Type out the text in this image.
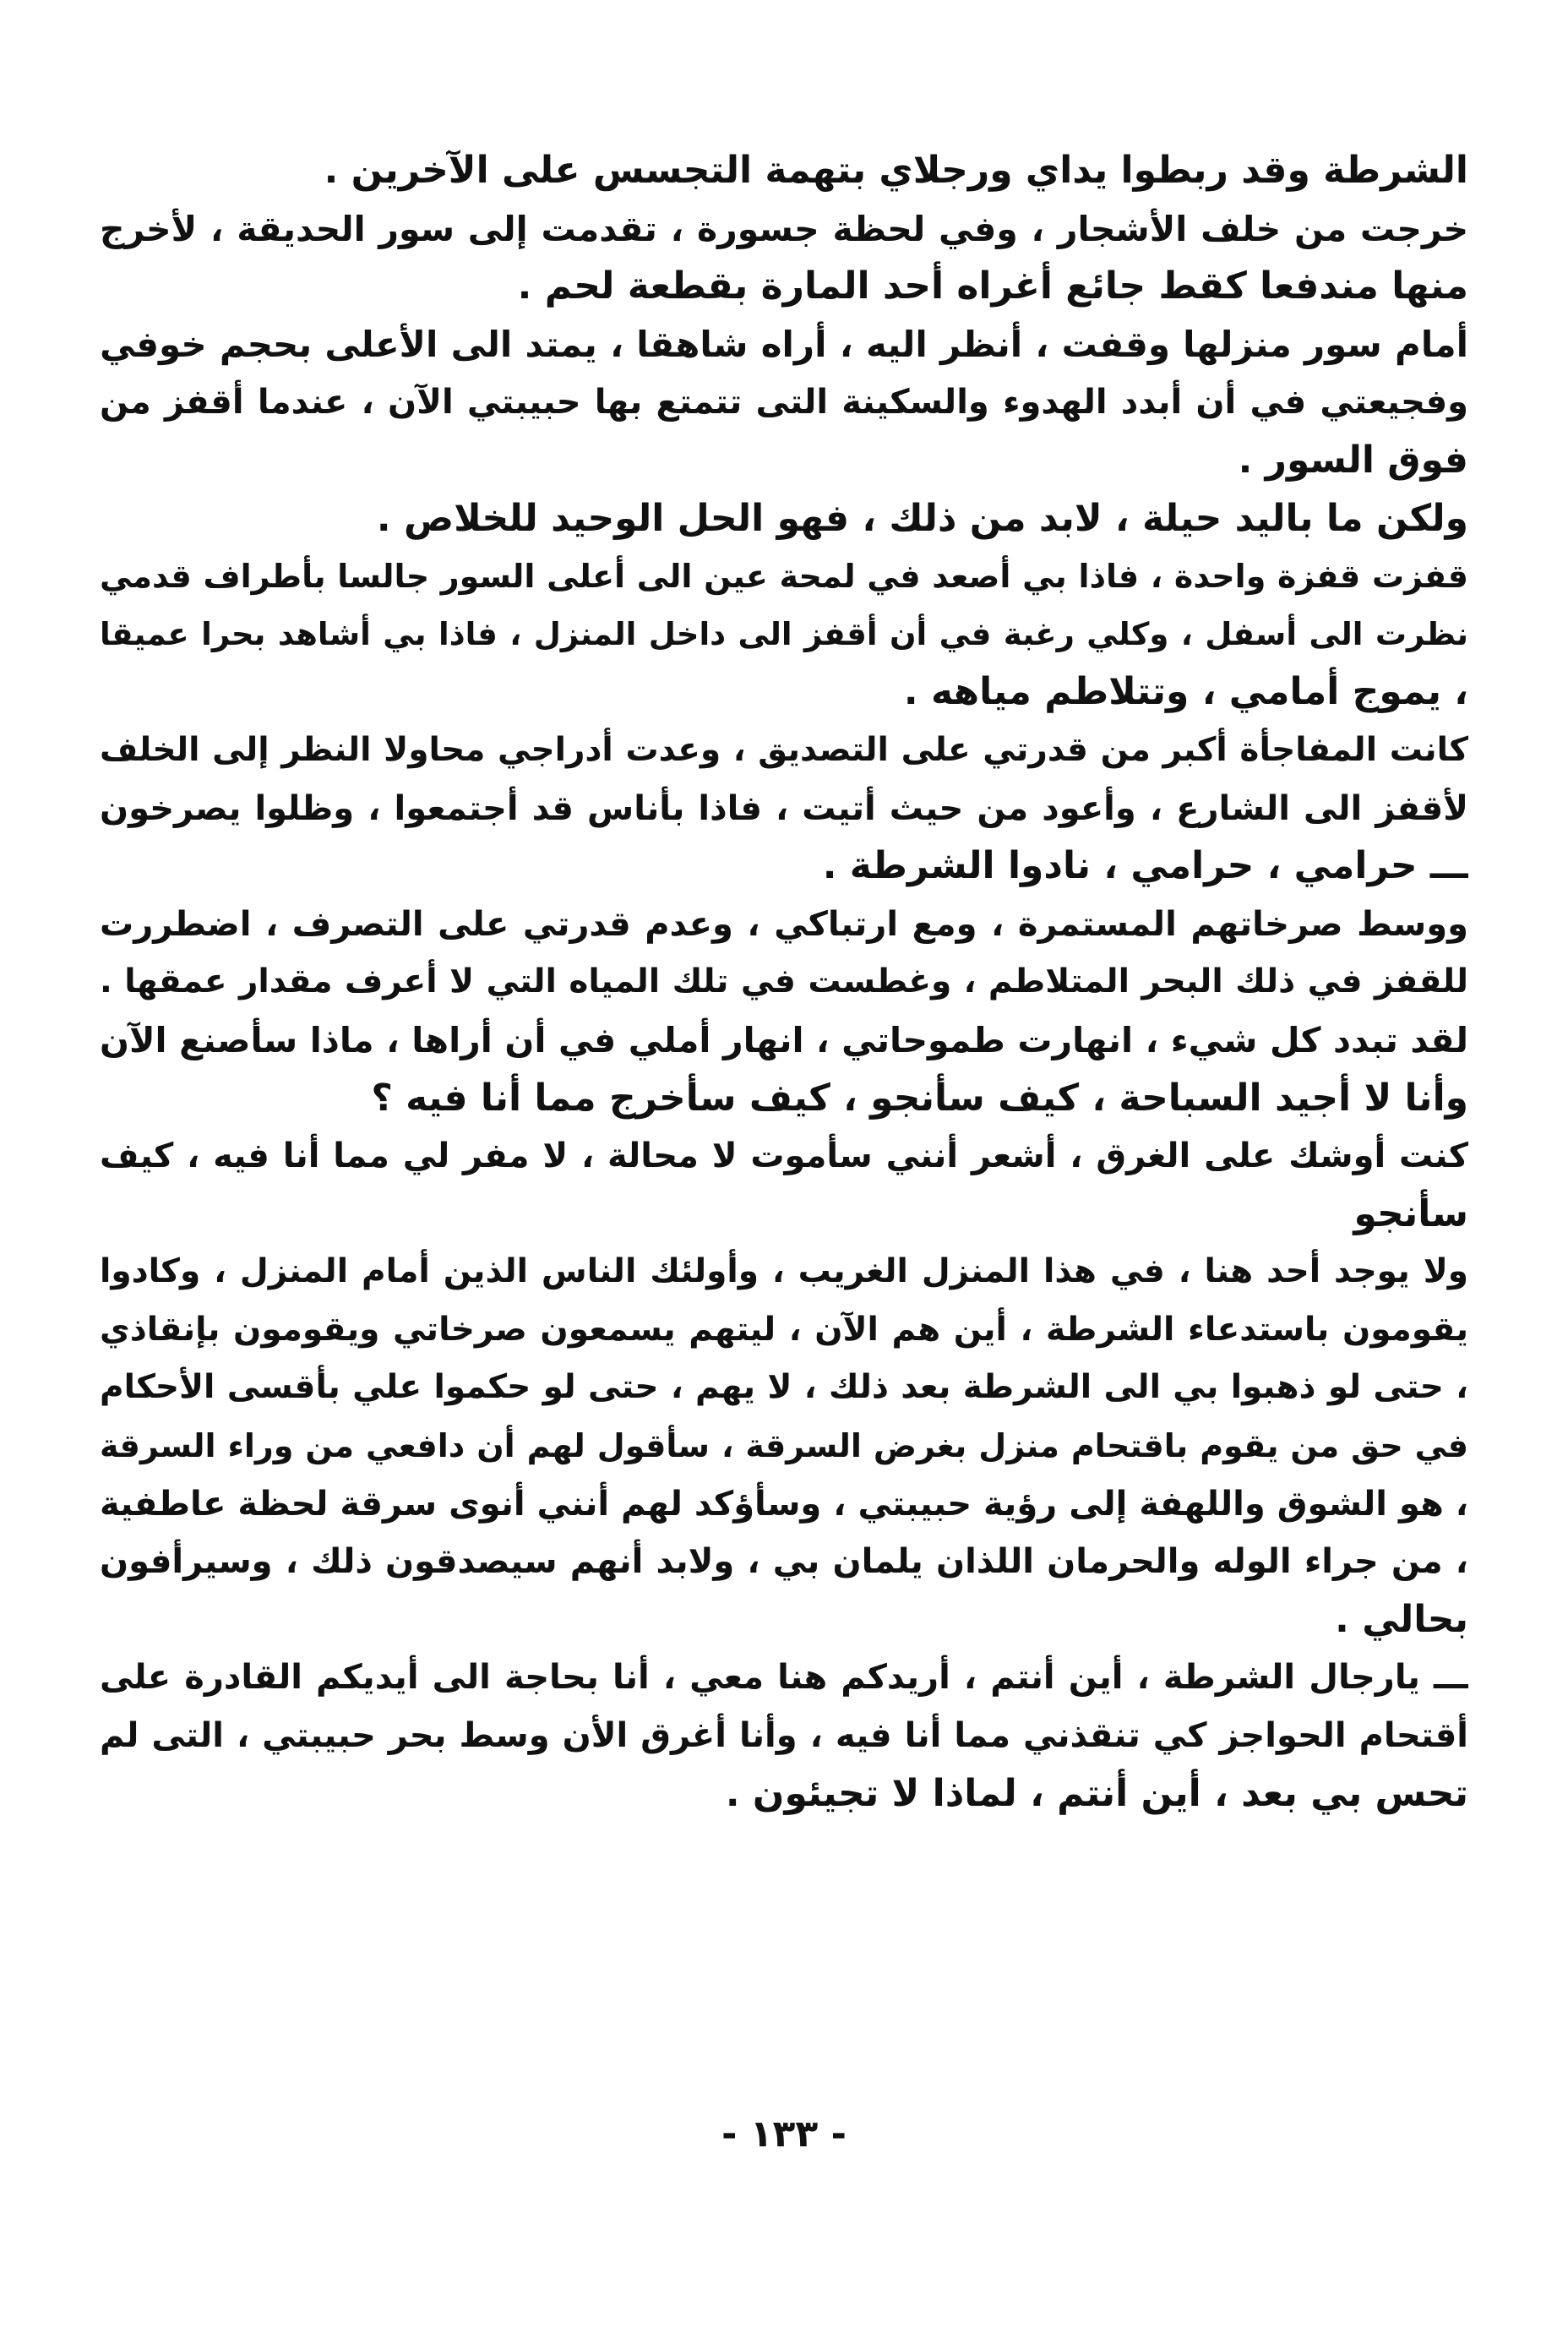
الشرطة وقد ربطوا يداي ورجلاي بتهمة التجسس على الآخرين .
خرجت من خلف الأشجار ، وفي لحظة جسورة ، تقدمت إلى سور الحديقة ، لأخرج
منها مندفعا كقط جائع أغراه أحد المارة بقطعة لحم .
أمام سور منزلها وقفت ، أنظر اليه ، أراه شاهقا ، يمتد الى الأعلى بحجم خوفي
وفجيعتي في أن أبدد الهدوء والسكينة التى تتمتع بها حبيبتي الآن ، عندما أقفز من
فوق السور .
ولكن ما باليد حيلة ، لابد من ذلك ، فهو الحل الوحيد للخلاص .
قفزت قفزة واحدة ، فاذا بي أصعد في لمحة عين الى أعلى السور جالسا بأطراف قدمي
نظرت الى أسفل ، وكلي رغبة في أن أقفز الى داخل المنزل ، فاذا بي أشاهد بحرا عميقا
، يموج أمامي ، وتتلاطم مياهه .
كانت المفاجأة أكبر من قدرتي على التصديق ، وعدت أدراجي محاولا النظر إلى الخلف
لأقفز الى الشارع ، وأعود من حيث أتيت ، فاذا بأناس قد أجتمعوا ، وظلوا يصرخون
ـــ حرامي ، حرامي ، نادوا الشرطة .
ووسط صرخاتهم المستمرة ، ومع ارتباكي ، وعدم قدرتي على التصرف ، اضطررت
للقفز في ذلك البحر المتلاطم ، وغطست في تلك المياه التي لا أعرف مقدار عمقها .
لقد تبدد كل شيء ، انهارت طموحاتي ، انهار أملي في أن أراها ، ماذا سأصنع الآن
وأنا لا أجيد السباحة ، كيف سأنجو ، كيف سأخرج مما أنا فيه ؟
كنت أوشك على الغرق ، أشعر أنني سأموت لا محالة ، لا مفر لي مما أنا فيه ، كيف
سأنجو
ولا يوجد أحد هنا ، في هذا المنزل الغريب ، وأولئك الناس الذين أمام المنزل ، وكادوا
يقومون باستدعاء الشرطة ، أين هم الآن ، ليتهم يسمعون صرخاتي ويقومون بإنقاذي
، حتى لو ذهبوا بي الى الشرطة بعد ذلك ، لا يهم ، حتى لو حكموا علي بأقسى الأحكام
في حق من يقوم باقتحام منزل بغرض السرقة ، سأقول لهم أن دافعي من وراء السرقة
، هو الشوق واللهفة إلى رؤية حبيبتي ، وسأؤكد لهم أنني أنوى سرقة لحظة عاطفية
، من جراء الوله والحرمان اللذان يلمان بي ، ولابد أنهم سيصدقون ذلك ، وسيرأفون
بحالي .
ـــ يارجال الشرطة ، أين أنتم ، أريدكم هنا معي ، أنا بحاجة الى أيديكم القادرة على
أقتحام الحواجز كي تنقذني مما أنا فيه ، وأنا أغرق الأن وسط بحر حبيبتي ، التى لم
تحس بي بعد ، أين أنتم ، لماذا لا تجيئون .
- ١٣٣ -
